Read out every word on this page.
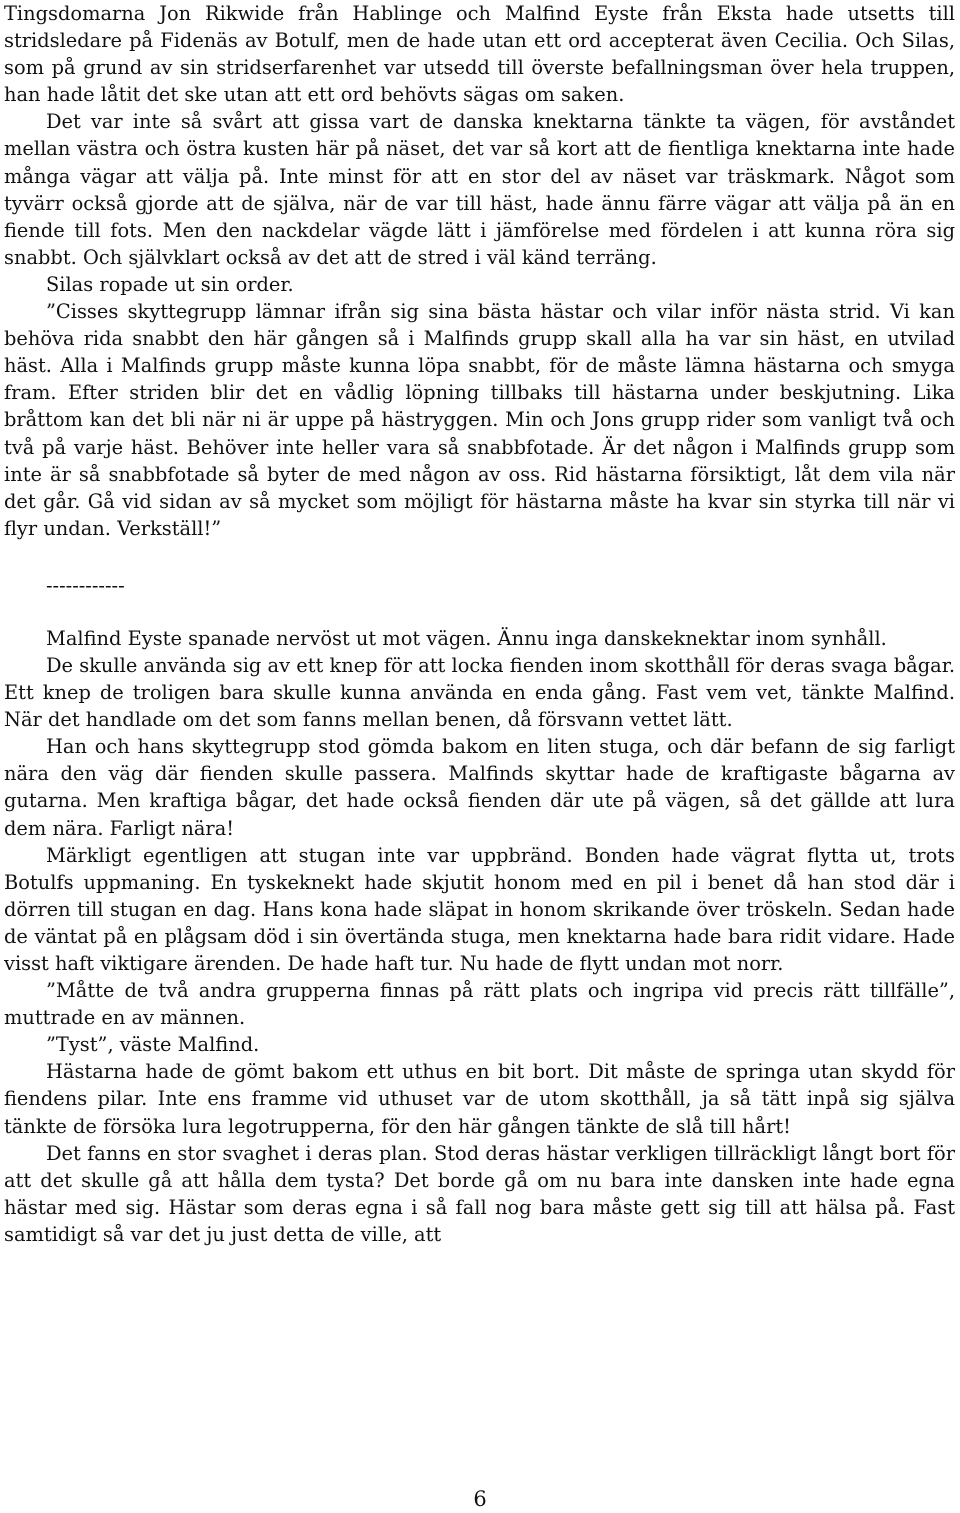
Tingsdomarna Jon Rikwide från Hablinge och Malfind Eyste från Eksta hade utsetts till stridsledare på Fidenäs av Botulf, men de hade utan ett ord accepterat även Cecilia. Och Silas, som på grund av sin stridserfarenhet var utsedd till överste befallningsman över hela truppen, han hade låtit det ske utan att ett ord behövts sägas om saken.

Det var inte så svårt att gissa vart de danska knektarna tänkte ta vägen, för avståndet mellan västra och östra kusten här på näset, det var så kort att de fientliga knektarna inte hade många vägar att välja på. Inte minst för att en stor del av näset var träskmark. Något som tyvärr också gjorde att de själva, när de var till häst, hade ännu färre vägar att välja på än en fiende till fots. Men den nackdelar vägde lätt i jämförelse med fördelen i att kunna röra sig snabbt. Och självklart också av det att de stred i väl känd terräng.

Silas ropade ut sin order.

”Cisses skyttegrupp lämnar ifrån sig sina bästa hästar och vilar inför nästa strid. Vi kan behöva rida snabbt den här gången så i Malfinds grupp skall alla ha var sin häst, en utvilad häst. Alla i Malfinds grupp måste kunna löpa snabbt, för de måste lämna hästarna och smyga fram. Efter striden blir det en vådlig löpning tillbaks till hästarna under beskjutning. Lika bråttom kan det bli när ni är uppe på hästryggen. Min och Jons grupp rider som vanligt två och två på varje häst. Behöver inte heller vara så snabbfotade. Är det någon i Malfinds grupp som inte är så snabbfotade så byter de med någon av oss. Rid hästarna försiktigt, låt dem vila när det går. Gå vid sidan av så mycket som möjligt för hästarna måste ha kvar sin styrka till när vi flyr undan. Verkställ!”

------------

Malfind Eyste spanade nervöst ut mot vägen. Ännu inga danskeknektar inom synhåll.

De skulle använda sig av ett knep för att locka fienden inom skotthåll för deras svaga bågar. Ett knep de troligen bara skulle kunna använda en enda gång. Fast vem vet, tänkte Malfind. När det handlade om det som fanns mellan benen, då försvann vettet lätt.

Han och hans skyttegrupp stod gömda bakom en liten stuga, och där befann de sig farligt nära den väg där fienden skulle passera. Malfinds skyttar hade de kraftigaste bågarna av gutarna. Men kraftiga bågar, det hade också fienden där ute på vägen, så det gällde att lura dem nära. Farligt nära!

Märkligt egentligen att stugan inte var uppbränd. Bonden hade vägrat flytta ut, trots Botulfs uppmaning. En tyskeknekt hade skjutit honom med en pil i benet då han stod där i dörren till stugan en dag. Hans kona hade släpat in honom skrikande över tröskeln. Sedan hade de väntat på en plågsam död i sin övertända stuga, men knektarna hade bara ridit vidare. Hade visst haft viktigare ärenden. De hade haft tur. Nu hade de flytt undan mot norr.

”Måtte de två andra grupperna finnas på rätt plats och ingripa vid precis rätt tillfälle”, muttrade en av männen.

”Tyst”, väste Malfind.

Hästarna hade de gömt bakom ett uthus en bit bort. Dit måste de springa utan skydd för fiendens pilar. Inte ens framme vid uthuset var de utom skotthåll, ja så tätt inpå sig själva tänkte de försöka lura legotrupperna, för den här gången tänkte de slå till hårt!

Det fanns en stor svaghet i deras plan. Stod deras hästar verkligen tillräckligt långt bort för att det skulle gå att hålla dem tysta? Det borde gå om nu bara inte dansken inte hade egna hästar med sig. Hästar som deras egna i så fall nog bara måste gett sig till att hälsa på. Fast samtidigt så var det ju just detta de ville, att

6
